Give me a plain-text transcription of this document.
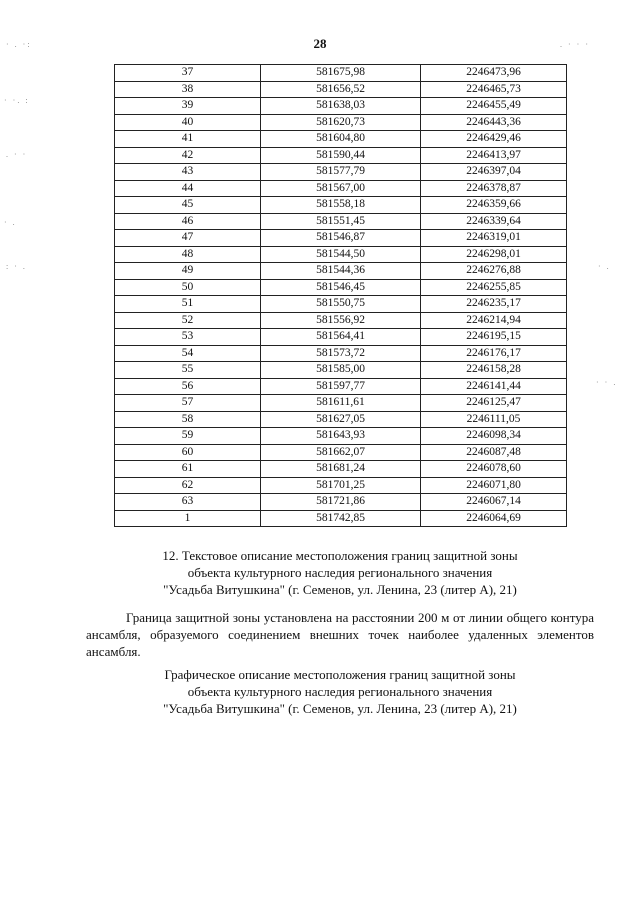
28
37	581675,98	2246473,96
38	581656,52	2246465,73
39	581638,03	2246455,49
40	581620,73	2246443,36
41	581604,80	2246429,46
42	581590,44	2246413,97
43	581577,79	2246397,04
44	581567,00	2246378,87
45	581558,18	2246359,66
46	581551,45	2246339,64
47	581546,87	2246319,01
48	581544,50	2246298,01
49	581544,36	2246276,88
50	581546,45	2246255,85
51	581550,75	2246235,17
52	581556,92	2246214,94
53	581564,41	2246195,15
54	581573,72	2246176,17
55	581585,00	2246158,28
56	581597,77	2246141,44
57	581611,61	2246125,47
58	581627,05	2246111,05
59	581643,93	2246098,34
60	581662,07	2246087,48
61	581681,24	2246078,60
62	581701,25	2246071,80
63	581721,86	2246067,14
1	581742,85	2246064,69
12. Текстовое описание местоположения границ защитной зоны
объекта культурного наследия регионального значения
"Усадьба Витушкина" (г. Семенов, ул. Ленина, 23 (литер А), 21)
Граница защитной зоны установлена на расстоянии 200 м от линии общего контура ансамбля, образуемого соединением внешних точек наиболее удаленных элементов ансамбля.
Графическое описание местоположения границ защитной зоны
объекта культурного наследия регионального значения
"Усадьба Витушкина" (г. Семенов, ул. Ленина, 23 (литер А), 21)
· . ·:
· ·. :
. · ·
· .
: · .
. · · ·
· .
· · .
